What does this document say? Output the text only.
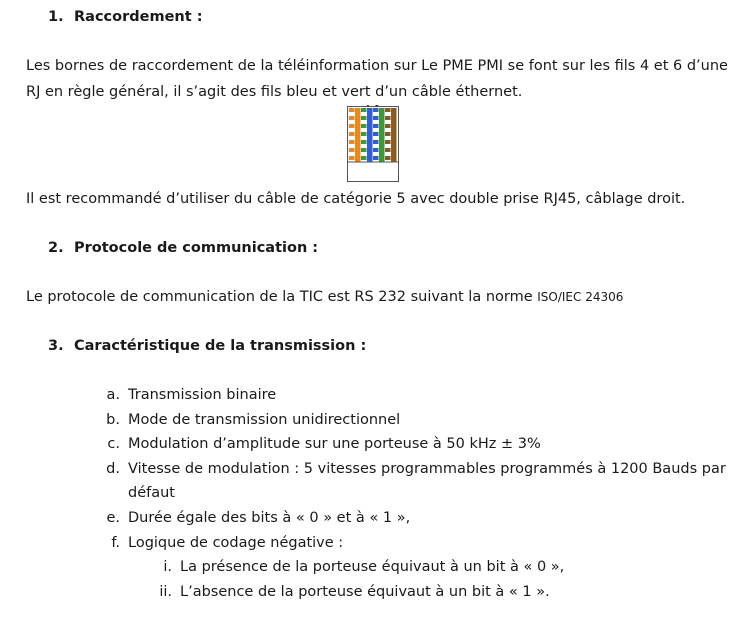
1. Raccordement :
Les bornes de raccordement de la téléinformation sur Le PME PMI se font sur les fils 4 et 6 d’une
RJ en règle général, il s’agit des fils bleu et vert d’un câble éthernet.
Il est recommandé d’utiliser du câble de catégorie 5 avec double prise RJ45, câblage droit.
2. Protocole de communication :
Le protocole de communication de la TIC est RS 232 suivant la norme ISO/IEC 24306
3. Caractéristique de la transmission :
a. Transmission binaire
b. Mode de transmission unidirectionnel
c. Modulation d’amplitude sur une porteuse à 50 kHz ± 3%
d. Vitesse de modulation : 5 vitesses programmables programmés à 1200 Bauds par
défaut
e. Durée égale des bits à « 0 » et à « 1 »,
f. Logique de codage négative :
i. La présence de la porteuse équivaut à un bit à « 0 »,
ii. L’absence de la porteuse équivaut à un bit à « 1 ».
